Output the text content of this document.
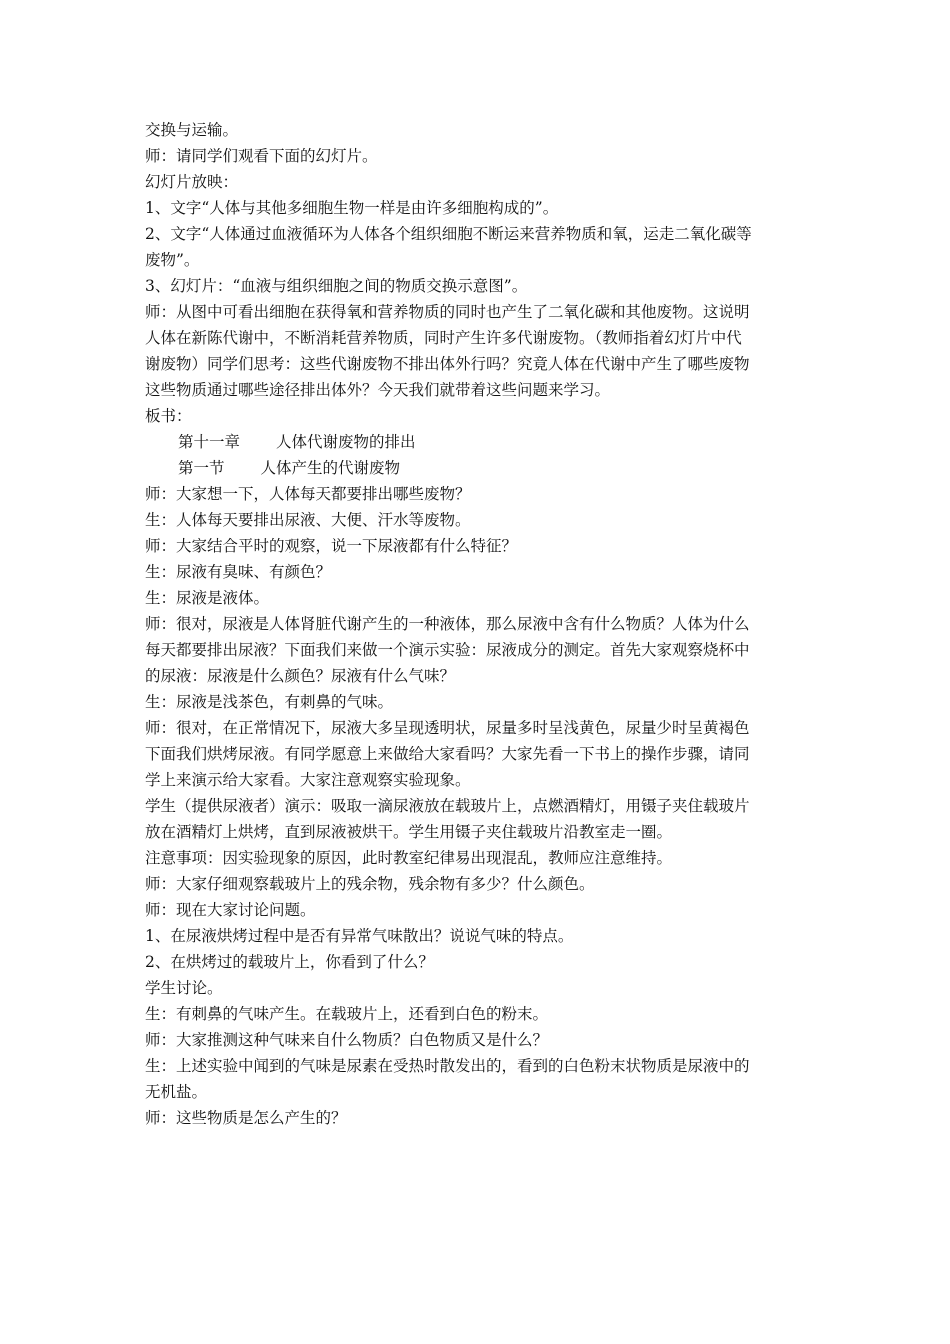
交换与运输。
师：请同学们观看下面的幻灯片。
幻灯片放映：
1、文字“人体与其他多细胞生物一样是由许多细胞构成的”。
2、文字“人体通过血液循环为人体各个组织细胞不断运来营养物质和氧，运走二氧化碳等
废物”。
3、幻灯片：“血液与组织细胞之间的物质交换示意图”。
师：从图中可看出细胞在获得氧和营养物质的同时也产生了二氧化碳和其他废物。这说明
人体在新陈代谢中，不断消耗营养物质，同时产生许多代谢废物。（教师指着幻灯片中代
谢废物）同学们思考：这些代谢废物不排出体外行吗？究竟人体在代谢中产生了哪些废物
这些物质通过哪些途径排出体外？今天我们就带着这些问题来学习。
板书：
第十一章 人体代谢废物的排出
第一节 人体产生的代谢废物
师：大家想一下，人体每天都要排出哪些废物？
生：人体每天要排出尿液、大便、汗水等废物。
师：大家结合平时的观察，说一下尿液都有什么特征？
生：尿液有臭味、有颜色？
生：尿液是液体。
师：很对，尿液是人体肾脏代谢产生的一种液体，那么尿液中含有什么物质？人体为什么
每天都要排出尿液？下面我们来做一个演示实验：尿液成分的测定。首先大家观察烧杯中
的尿液：尿液是什么颜色？尿液有什么气味？
生：尿液是浅茶色，有刺鼻的气味。
师：很对，在正常情况下，尿液大多呈现透明状，尿量多时呈浅黄色，尿量少时呈黄褐色
下面我们烘烤尿液。有同学愿意上来做给大家看吗？大家先看一下书上的操作步骤，请同
学上来演示给大家看。大家注意观察实验现象。
学生（提供尿液者）演示：吸取一滴尿液放在载玻片上，点燃酒精灯，用镊子夹住载玻片
放在酒精灯上烘烤，直到尿液被烘干。学生用镊子夹住载玻片沿教室走一圈。
注意事项：因实验现象的原因，此时教室纪律易出现混乱，教师应注意维持。
师：大家仔细观察载玻片上的残余物，残余物有多少？什么颜色。
师：现在大家讨论问题。
1、在尿液烘烤过程中是否有异常气味散出？说说气味的特点。
2、在烘烤过的载玻片上，你看到了什么？
学生讨论。
生：有刺鼻的气味产生。在载玻片上，还看到白色的粉末。
师：大家推测这种气味来自什么物质？白色物质又是什么？
生：上述实验中闻到的气味是尿素在受热时散发出的，看到的白色粉末状物质是尿液中的
无机盐。
师：这些物质是怎么产生的？
